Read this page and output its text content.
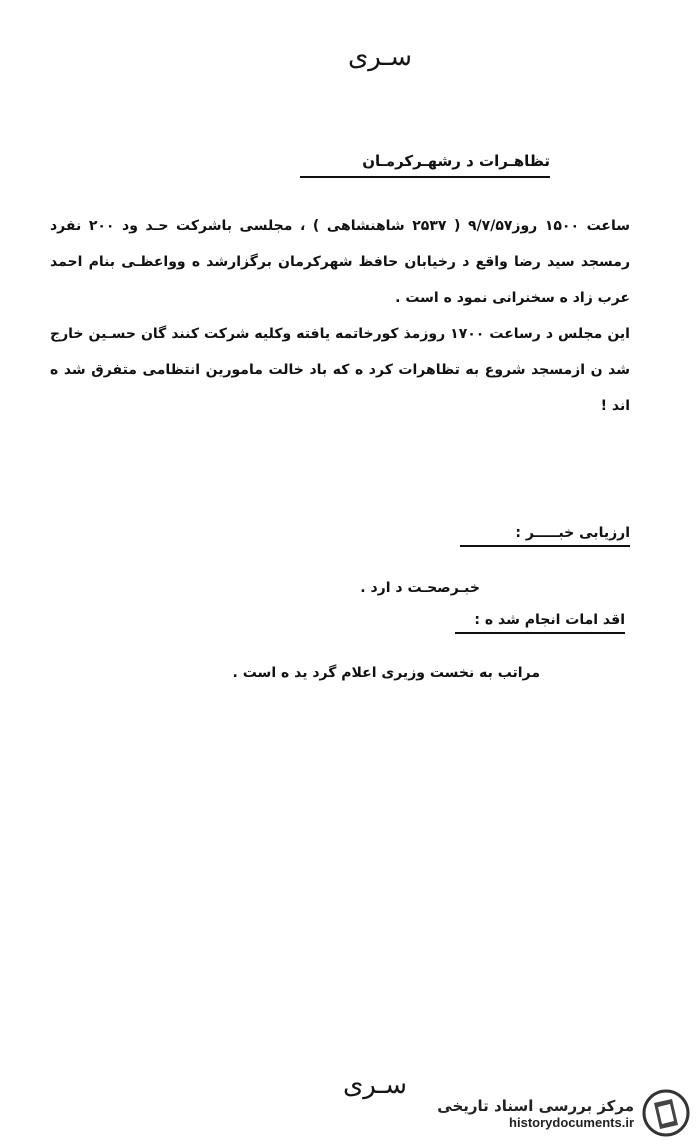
سـرى
تظاهـرات د رشهـرکرمـان

ساعت ۱۵۰۰ روز۹/۷/۵۷ ( ۲۵۳۷ شاهنشاهی ) ، مجلسی باشرکت حـد ود ۲۰۰ نفرد رمسجد سید رضا واقع د رخیابان حافظ شهرکرمان برگزارشد ه وواعظـی بنام احمد عرب زاد ه سخنرانی نمود ه است .

این مجلس د رساعت ۱۷۰۰ روزمذ کورخاتمه یافته وکلیه شرکت کنند گان حسـین خارج شد ن ازمسجد شروع به تظاهرات کرد ه که باد خالت مامورین انتظامی متفرق شد ه اند !

ارزیابی خبـــــر :
خبـرصحـت د ارد .
اقد امات انجام شد ه :
مراتب به نخست وزیری اعلام گرد ید ه است .
سـرى
مرکز بررسی اسناد تاریخی
historydocuments.ir
